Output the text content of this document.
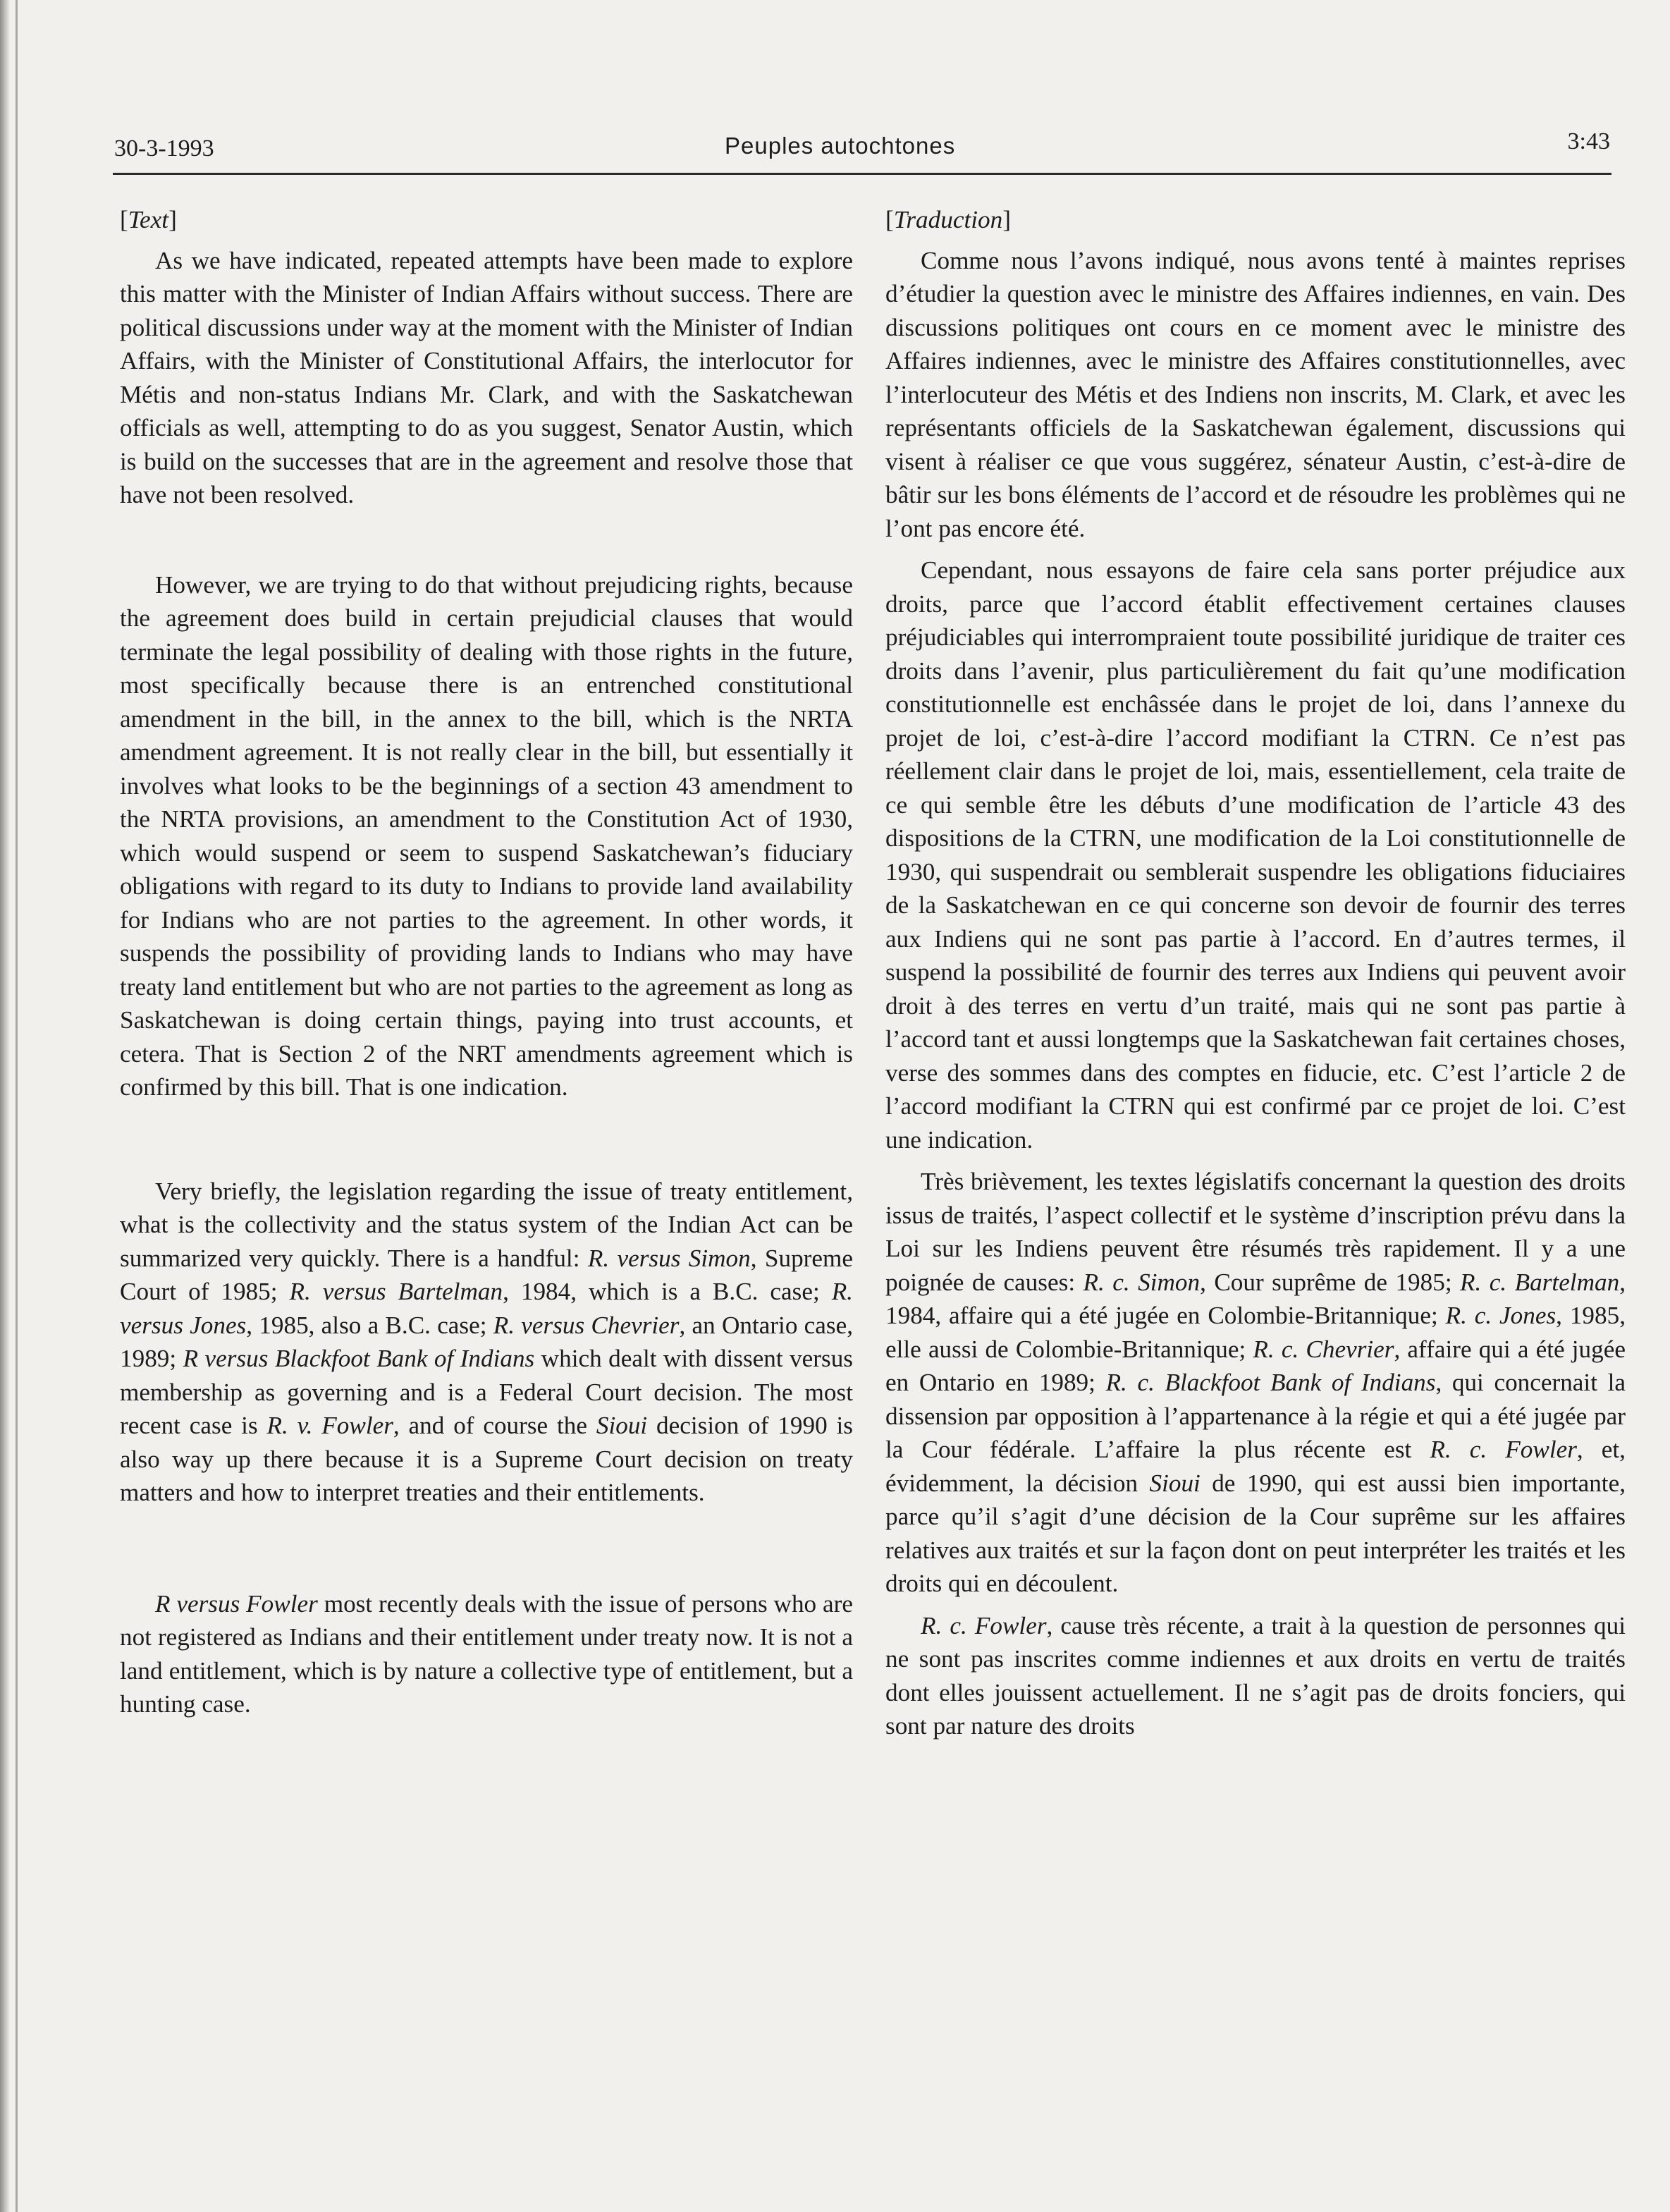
30-3-1993	Peuples autochtones	3:43
[Text]

As we have indicated, repeated attempts have been made to explore this matter with the Minister of Indian Affairs without success. There are political discussions under way at the moment with the Minister of Indian Affairs, with the Minister of Constitutional Affairs, the interlocutor for Métis and non-status Indians Mr. Clark, and with the Saskatchewan officials as well, attempting to do as you suggest, Senator Austin, which is build on the successes that are in the agreement and resolve those that have not been resolved.

However, we are trying to do that without prejudicing rights, because the agreement does build in certain prejudicial clauses that would terminate the legal possibility of dealing with those rights in the future, most specifically because there is an entrenched constitutional amendment in the bill, in the annex to the bill, which is the NRTA amendment agreement. It is not really clear in the bill, but essentially it involves what looks to be the beginnings of a section 43 amendment to the NRTA provisions, an amendment to the Constitution Act of 1930, which would suspend or seem to suspend Saskatchewan’s fiduciary obligations with regard to its duty to Indians to provide land availability for Indians who are not parties to the agreement. In other words, it suspends the possibility of providing lands to Indians who may have treaty land entitlement but who are not parties to the agreement as long as Saskatchewan is doing certain things, paying into trust accounts, et cetera. That is Section 2 of the NRT amendments agreement which is confirmed by this bill. That is one indication.

Very briefly, the legislation regarding the issue of treaty entitlement, what is the collectivity and the status system of the Indian Act can be summarized very quickly. There is a handful: R. versus Simon, Supreme Court of 1985; R. versus Bartelman, 1984, which is a B.C. case; R. versus Jones, 1985, also a B.C. case; R. versus Chevrier, an Ontario case, 1989; R versus Blackfoot Bank of Indians which dealt with dissent versus membership as governing and is a Federal Court decision. The most recent case is R. v. Fowler, and of course the Sioui decision of 1990 is also way up there because it is a Supreme Court decision on treaty matters and how to interpret treaties and their entitlements.

R versus Fowler most recently deals with the issue of persons who are not registered as Indians and their entitlement under treaty now. It is not a land entitlement, which is by nature a collective type of entitlement, but a hunting case.

[Traduction]

Comme nous l’avons indiqué, nous avons tenté à maintes reprises d’étudier la question avec le ministre des Affaires indiennes, en vain. Des discussions politiques ont cours en ce moment avec le ministre des Affaires indiennes, avec le ministre des Affaires constitutionnelles, avec l’interlocuteur des Métis et des Indiens non inscrits, M. Clark, et avec les représentants officiels de la Saskatchewan également, discussions qui visent à réaliser ce que vous suggérez, sénateur Austin, c’est-à-dire de bâtir sur les bons éléments de l’accord et de résoudre les problèmes qui ne l’ont pas encore été.

Cependant, nous essayons de faire cela sans porter préjudice aux droits, parce que l’accord établit effectivement certaines clauses préjudiciables qui interrompraient toute possibilité juridique de traiter ces droits dans l’avenir, plus particulièrement du fait qu’une modification constitutionnelle est enchâssée dans le projet de loi, dans l’annexe du projet de loi, c’est-à-dire l’accord modifiant la CTRN. Ce n’est pas réellement clair dans le projet de loi, mais, essentiellement, cela traite de ce qui semble être les débuts d’une modification de l’article 43 des dispositions de la CTRN, une modification de la Loi constitutionnelle de 1930, qui suspendrait ou semblerait suspendre les obligations fiduciaires de la Saskatchewan en ce qui concerne son devoir de fournir des terres aux Indiens qui ne sont pas partie à l’accord. En d’autres termes, il suspend la possibilité de fournir des terres aux Indiens qui peuvent avoir droit à des terres en vertu d’un traité, mais qui ne sont pas partie à l’accord tant et aussi longtemps que la Saskatchewan fait certaines choses, verse des sommes dans des comptes en fiducie, etc. C’est l’article 2 de l’accord modifiant la CTRN qui est confirmé par ce projet de loi. C’est une indication.

Très brièvement, les textes législatifs concernant la question des droits issus de traités, l’aspect collectif et le système d’inscription prévu dans la Loi sur les Indiens peuvent être résumés très rapidement. Il y a une poignée de causes: R. c. Simon, Cour suprême de 1985; R. c. Bartelman, 1984, affaire qui a été jugée en Colombie-Britannique; R. c. Jones, 1985, elle aussi de Colombie-Britannique; R. c. Chevrier, affaire qui a été jugée en Ontario en 1989; R. c. Blackfoot Bank of Indians, qui concernait la dissension par opposition à l’appartenance à la régie et qui a été jugée par la Cour fédérale. L’affaire la plus récente est R. c. Fowler, et, évidemment, la décision Sioui de 1990, qui est aussi bien importante, parce qu’il s’agit d’une décision de la Cour suprême sur les affaires relatives aux traités et sur la façon dont on peut interpréter les traités et les droits qui en découlent.

R. c. Fowler, cause très récente, a trait à la question de personnes qui ne sont pas inscrites comme indiennes et aux droits en vertu de traités dont elles jouissent actuellement. Il ne s’agit pas de droits fonciers, qui sont par nature des droits
